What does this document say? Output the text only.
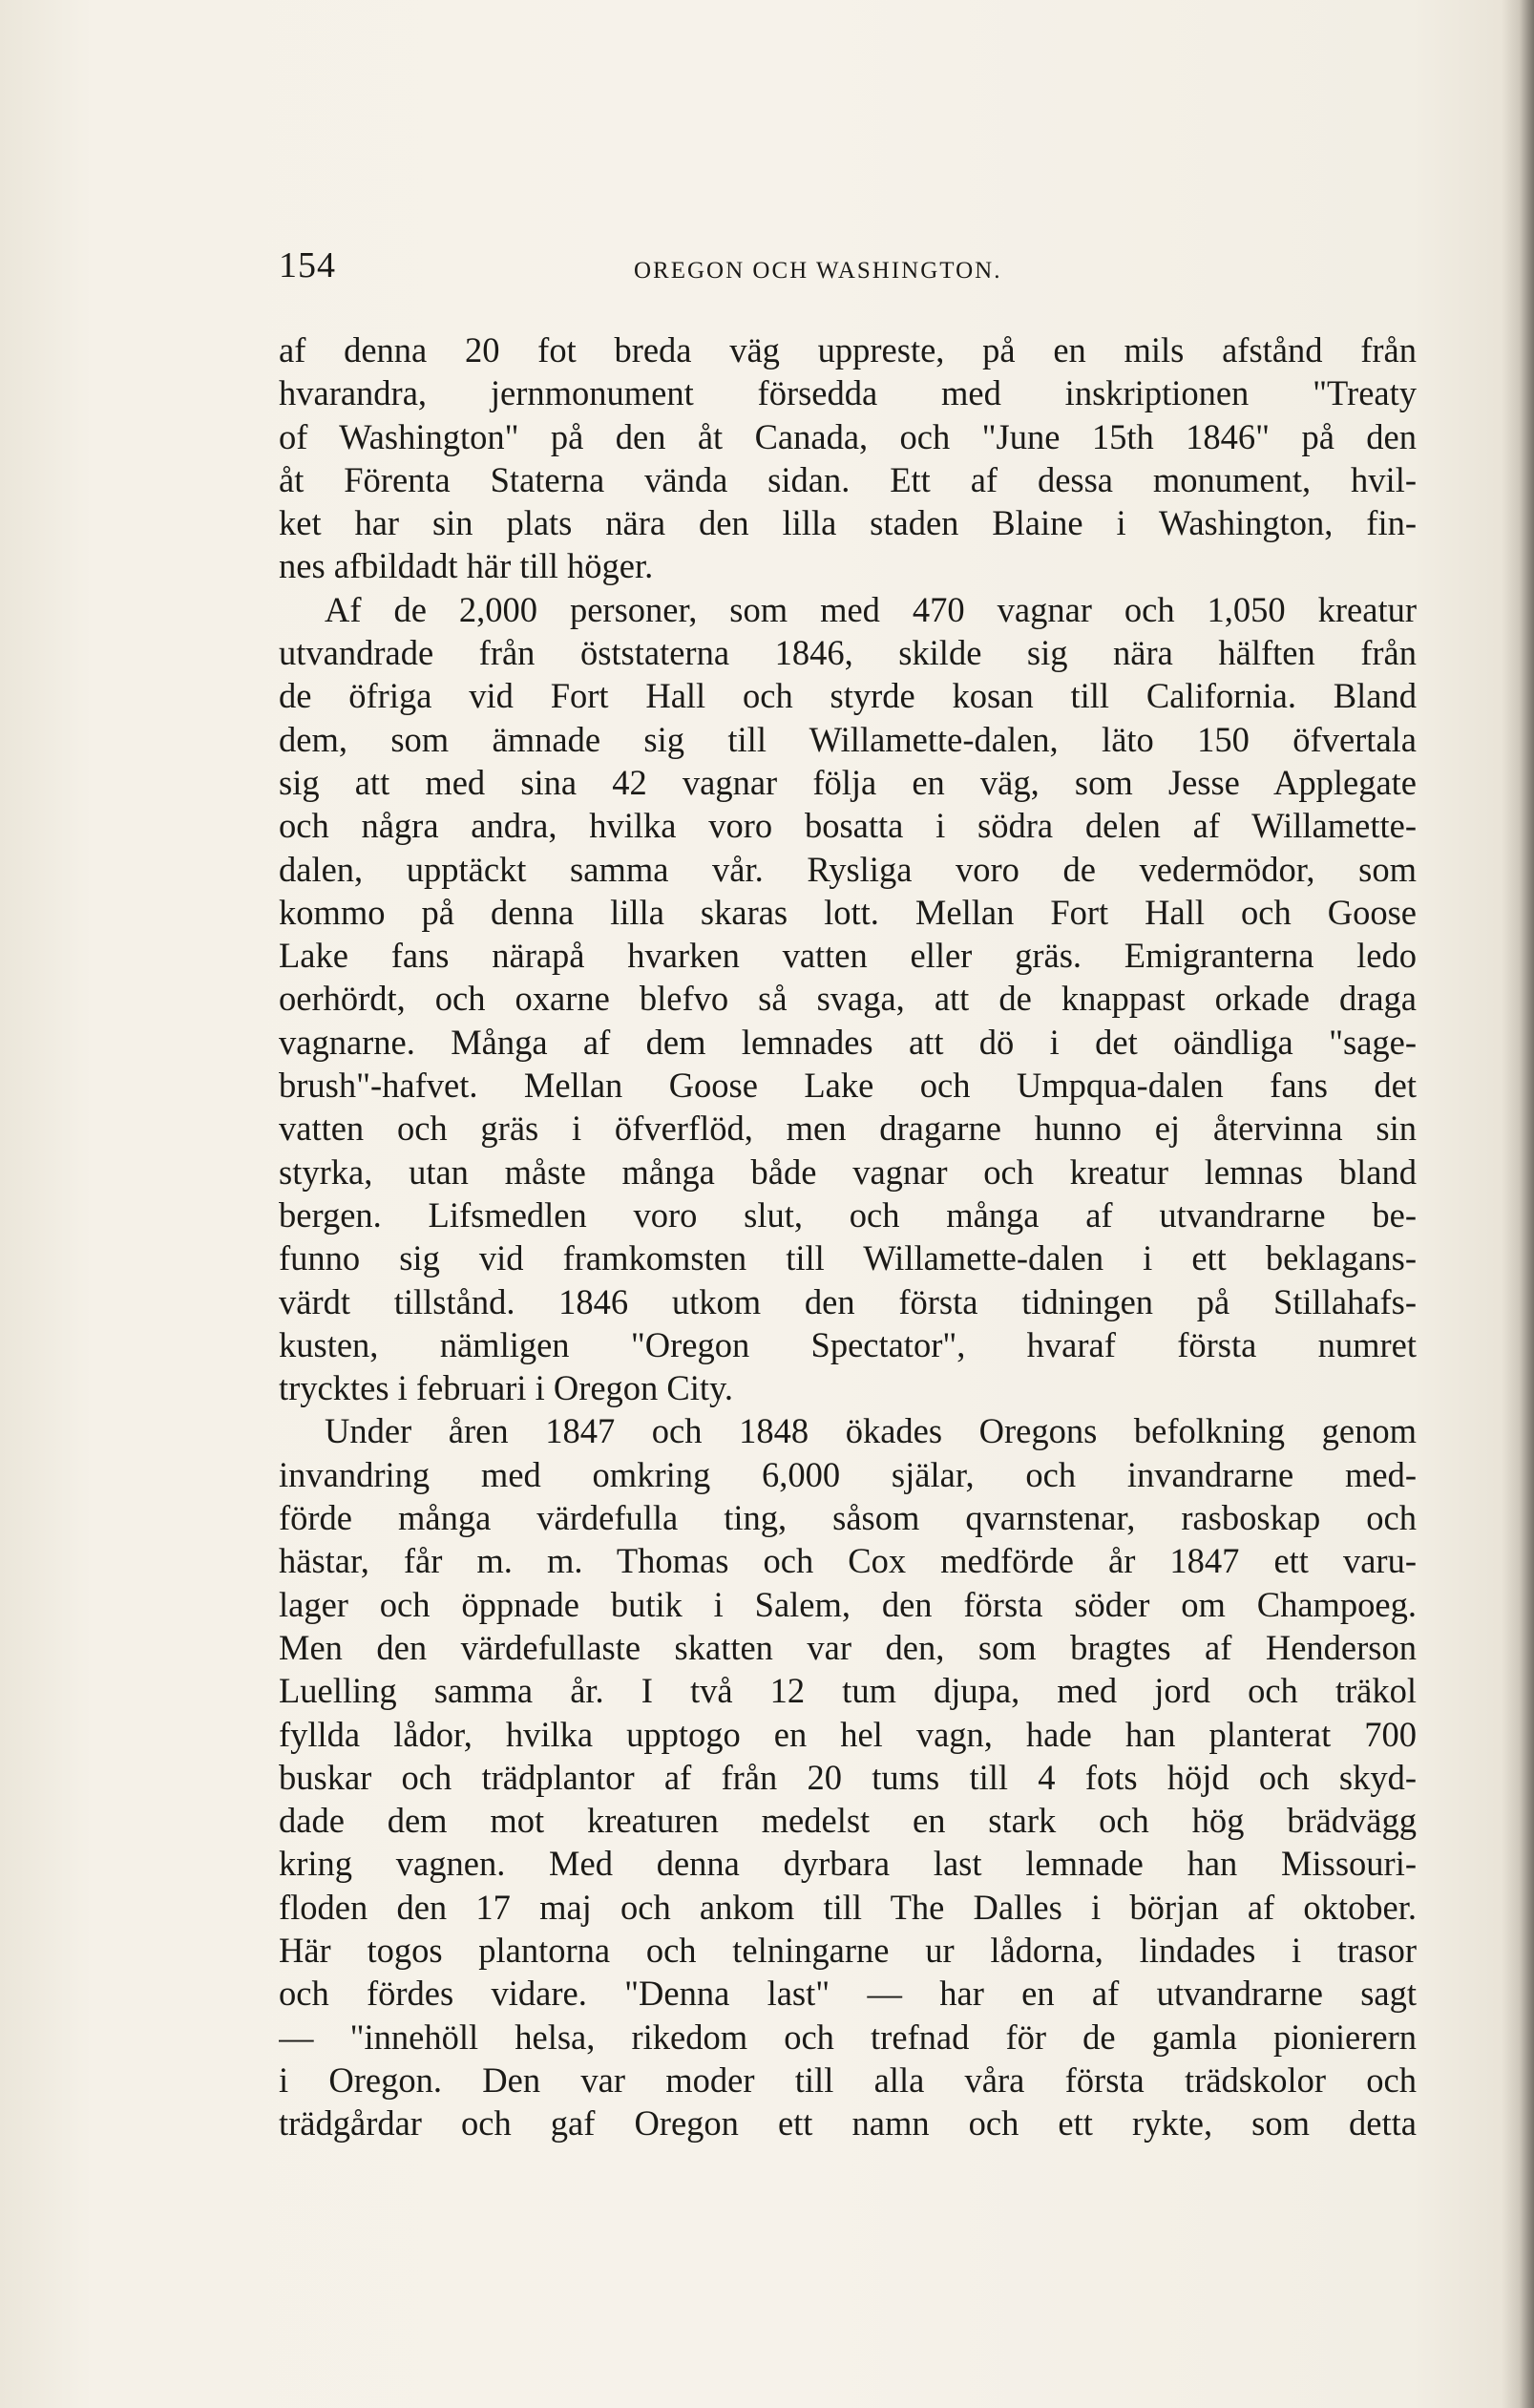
154	OREGON OCH WASHINGTON.
af denna 20 fot breda väg uppreste, på en mils afstånd från
hvarandra, jernmonument försedda med inskriptionen "Treaty
of Washington" på den åt Canada, och "June 15th 1846" på den
åt Förenta Staterna vända sidan. Ett af dessa monument, hvil-
ket har sin plats nära den lilla staden Blaine i Washington, fin-
nes afbildadt här till höger.
Af de 2,000 personer, som med 470 vagnar och 1,050 kreatur
utvandrade från öststaterna 1846, skilde sig nära hälften från
de öfriga vid Fort Hall och styrde kosan till California. Bland
dem, som ämnade sig till Willamette-dalen, läto 150 öfvertala
sig att med sina 42 vagnar följa en väg, som Jesse Applegate
och några andra, hvilka voro bosatta i södra delen af Willamette-
dalen, upptäckt samma vår. Rysliga voro de vedermödor, som
kommo på denna lilla skaras lott. Mellan Fort Hall och Goose
Lake fans närapå hvarken vatten eller gräs. Emigranterna ledo
oerhördt, och oxarne blefvo så svaga, att de knappast orkade draga
vagnarne. Många af dem lemnades att dö i det oändliga "sage-
brush"-hafvet. Mellan Goose Lake och Umpqua-dalen fans det
vatten och gräs i öfverflöd, men dragarne hunno ej återvinna sin
styrka, utan måste många både vagnar och kreatur lemnas bland
bergen. Lifsmedlen voro slut, och många af utvandrarne be-
funno sig vid framkomsten till Willamette-dalen i ett beklagans-
värdt tillstånd. 1846 utkom den första tidningen på Stillahafs-
kusten, nämligen "Oregon Spectator", hvaraf första numret
trycktes i februari i Oregon City.
Under åren 1847 och 1848 ökades Oregons befolkning genom
invandring med omkring 6,000 själar, och invandrarne med-
förde många värdefulla ting, såsom qvarnstenar, rasboskap och
hästar, får m. m. Thomas och Cox medförde år 1847 ett varu-
lager och öppnade butik i Salem, den första söder om Champoeg.
Men den värdefullaste skatten var den, som bragtes af Henderson
Luelling samma år. I två 12 tum djupa, med jord och träkol
fyllda lådor, hvilka upptogo en hel vagn, hade han planterat 700
buskar och trädplantor af från 20 tums till 4 fots höjd och skyd-
dade dem mot kreaturen medelst en stark och hög brädvägg
kring vagnen. Med denna dyrbara last lemnade han Missouri-
floden den 17 maj och ankom till The Dalles i början af oktober.
Här togos plantorna och telningarne ur lådorna, lindades i trasor
och fördes vidare. "Denna last" — har en af utvandrarne sagt
— "innehöll helsa, rikedom och trefnad för de gamla pionierern
i Oregon. Den var moder till alla våra första trädskolor och
trädgårdar och gaf Oregon ett namn och ett rykte, som detta
